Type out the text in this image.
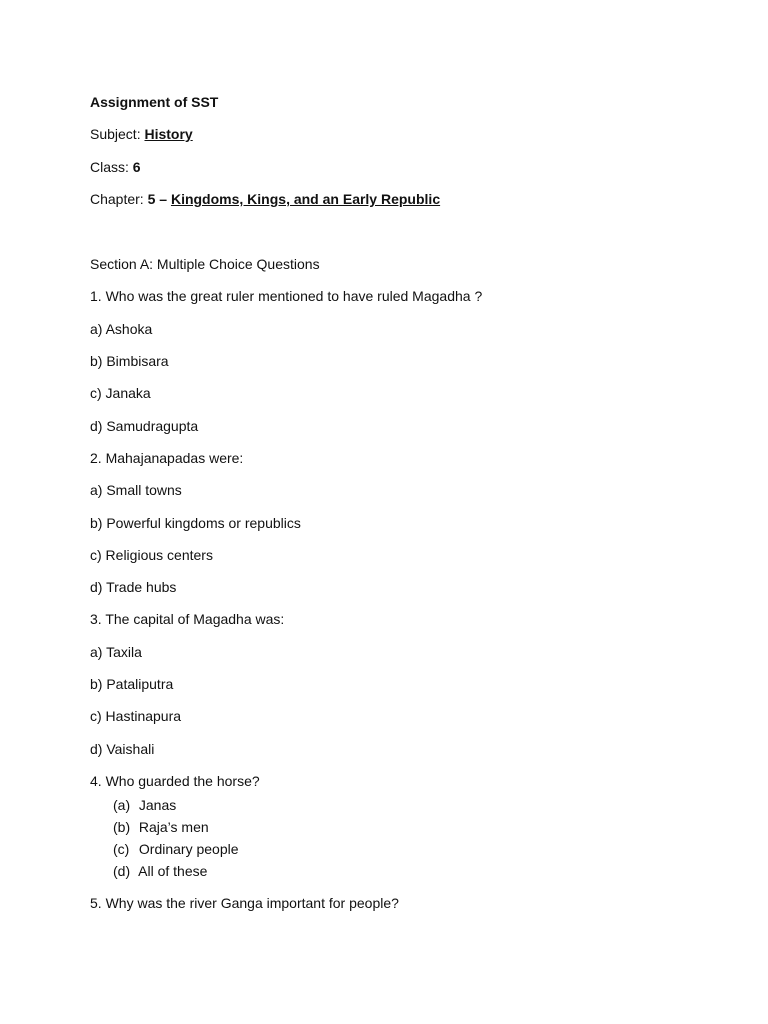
Assignment of SST
Subject: History
Class: 6
Chapter: 5 – Kingdoms, Kings, and an Early Republic
Section A: Multiple Choice Questions
1. Who was the great ruler mentioned to have ruled Magadha ?
a) Ashoka
b) Bimbisara
c) Janaka
d) Samudragupta
2. Mahajanapadas were:
a) Small towns
b) Powerful kingdoms or republics
c) Religious centers
d) Trade hubs
3. The capital of Magadha was:
a) Taxila
b) Pataliputra
c) Hastinapura
d) Vaishali
4. Who guarded the horse?
(a) Janas
(b) Raja’s men
(c) Ordinary people
(d) All of these
5. Why was the river Ganga important for people?
